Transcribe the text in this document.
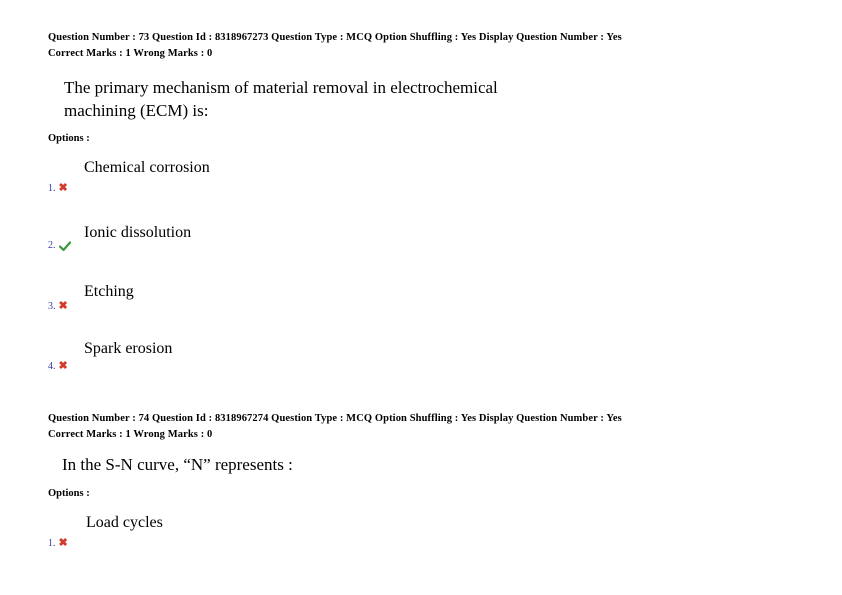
Question Number : 73 Question Id : 8318967273 Question Type : MCQ Option Shuffling : Yes Display Question Number : Yes
Correct Marks : 1 Wrong Marks : 0
The primary mechanism of material removal in electrochemical
machining (ECM) is:
Options :
Chemical corrosion
1. ✖
Ionic dissolution
2.
Etching
3. ✖
Spark erosion
4. ✖
Question Number : 74 Question Id : 8318967274 Question Type : MCQ Option Shuffling : Yes Display Question Number : Yes
Correct Marks : 1 Wrong Marks : 0
In the S-N curve, “N” represents :
Options :
Load cycles
1. ✖
